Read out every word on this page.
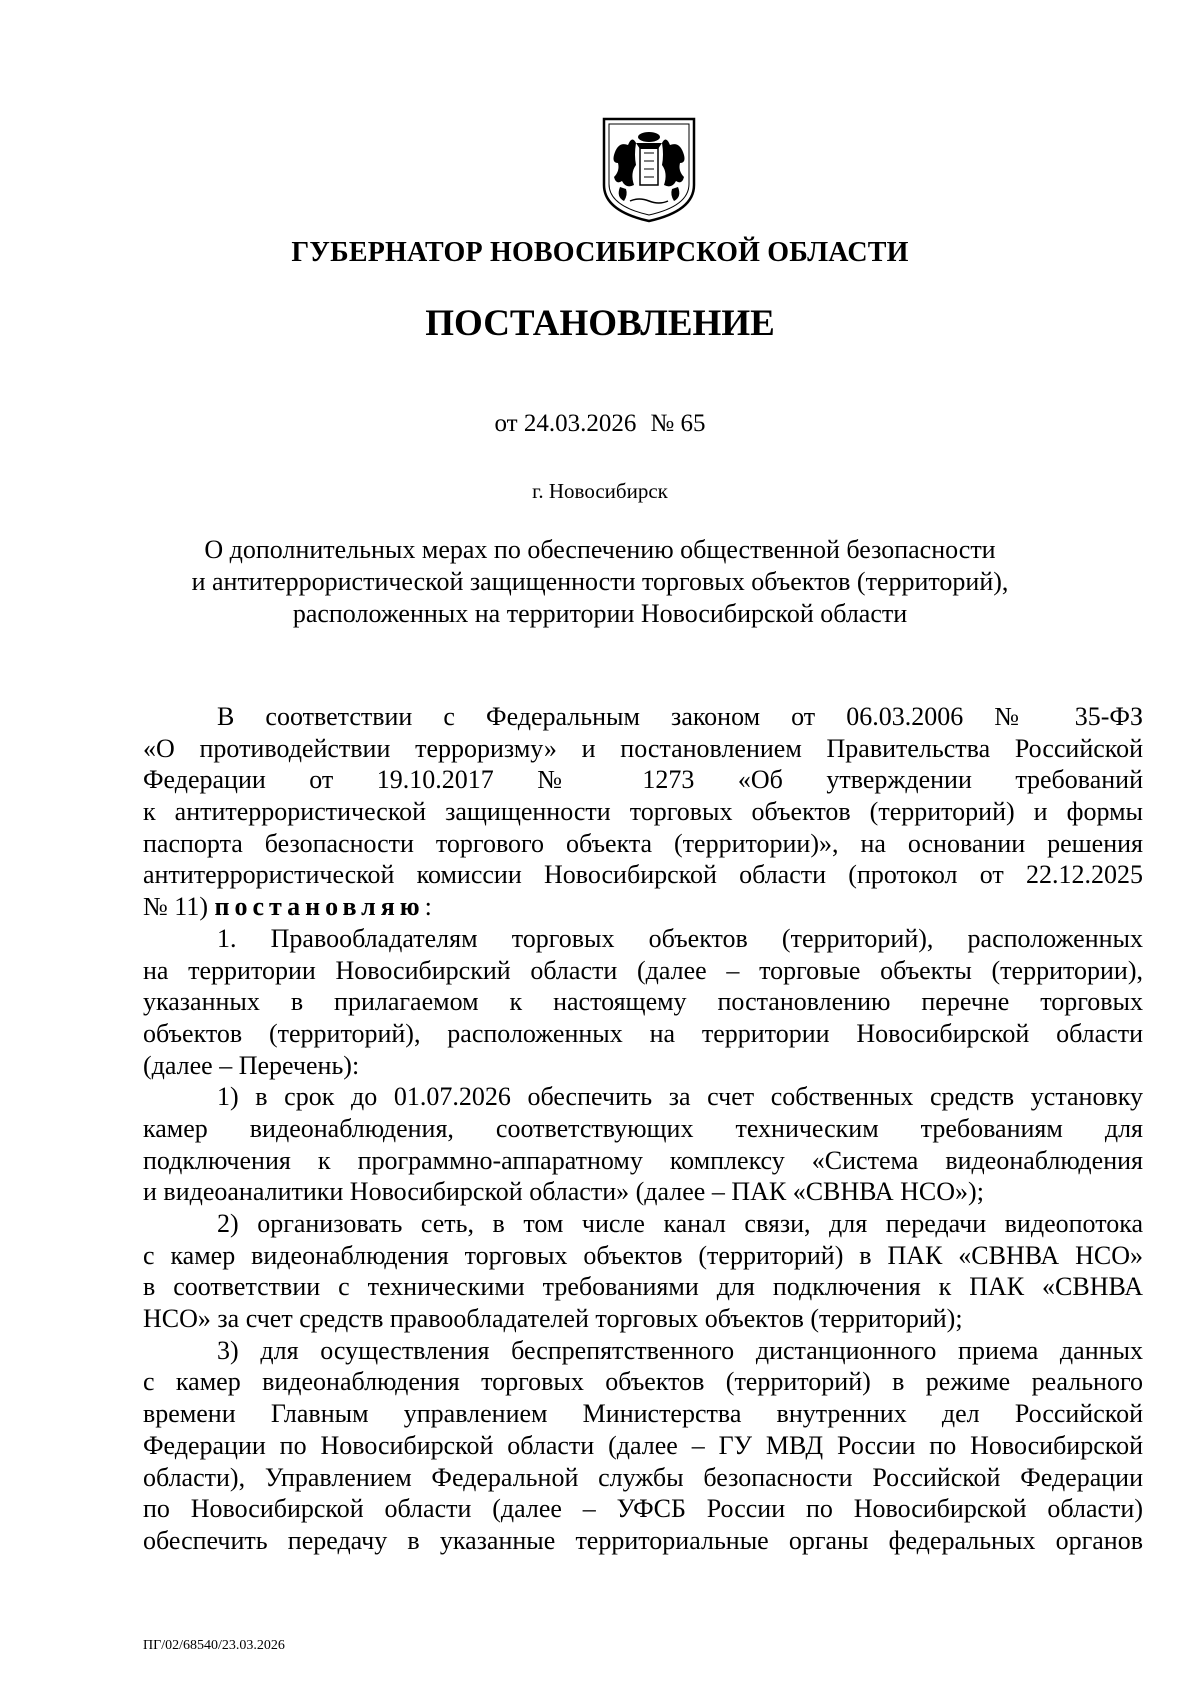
ГУБЕРНАТОР НОВОСИБИРСКОЙ ОБЛАСТИ
ПОСТАНОВЛЕНИЕ
от 24.03.2026 № 65
г. Новосибирск
О дополнительных мерах по обеспечению общественной безопасности
и антитеррористической защищенности торговых объектов (территорий),
расположенных на территории Новосибирской области
В соответствии с Федеральным законом от 06.03.2006 № 35-ФЗ
«О противодействии терроризму» и постановлением Правительства Российской
Федерации от 19.10.2017 № 1273 «Об утверждении требований
к антитеррористической защищенности торговых объектов (территорий) и формы
паспорта безопасности торгового объекта (территории)», на основании решения
антитеррористической комиссии Новосибирской области (протокол от 22.12.2025
№ 11) постановляю:
1. Правообладателям торговых объектов (территорий), расположенных
на территории Новосибирский области (далее – торговые объекты (территории),
указанных в прилагаемом к настоящему постановлению перечне торговых
объектов (территорий), расположенных на территории Новосибирской области
(далее – Перечень):
1) в срок до 01.07.2026 обеспечить за счет собственных средств установку
камер видеонаблюдения, соответствующих техническим требованиям для
подключения к программно-аппаратному комплексу «Система видеонаблюдения
и видеоаналитики Новосибирской области» (далее – ПАК «СВНВА НСО»);
2) организовать сеть, в том числе канал связи, для передачи видеопотока
с камер видеонаблюдения торговых объектов (территорий) в ПАК «СВНВА НСО»
в соответствии с техническими требованиями для подключения к ПАК «СВНВА
НСО» за счет средств правообладателей торговых объектов (территорий);
3) для осуществления беспрепятственного дистанционного приема данных
с камер видеонаблюдения торговых объектов (территорий) в режиме реального
времени Главным управлением Министерства внутренних дел Российской
Федерации по Новосибирской области (далее – ГУ МВД России по Новосибирской
области), Управлением Федеральной службы безопасности Российской Федерации
по Новосибирской области (далее – УФСБ России по Новосибирской области)
обеспечить передачу в указанные территориальные органы федеральных органов
ПГ/02/68540/23.03.2026
